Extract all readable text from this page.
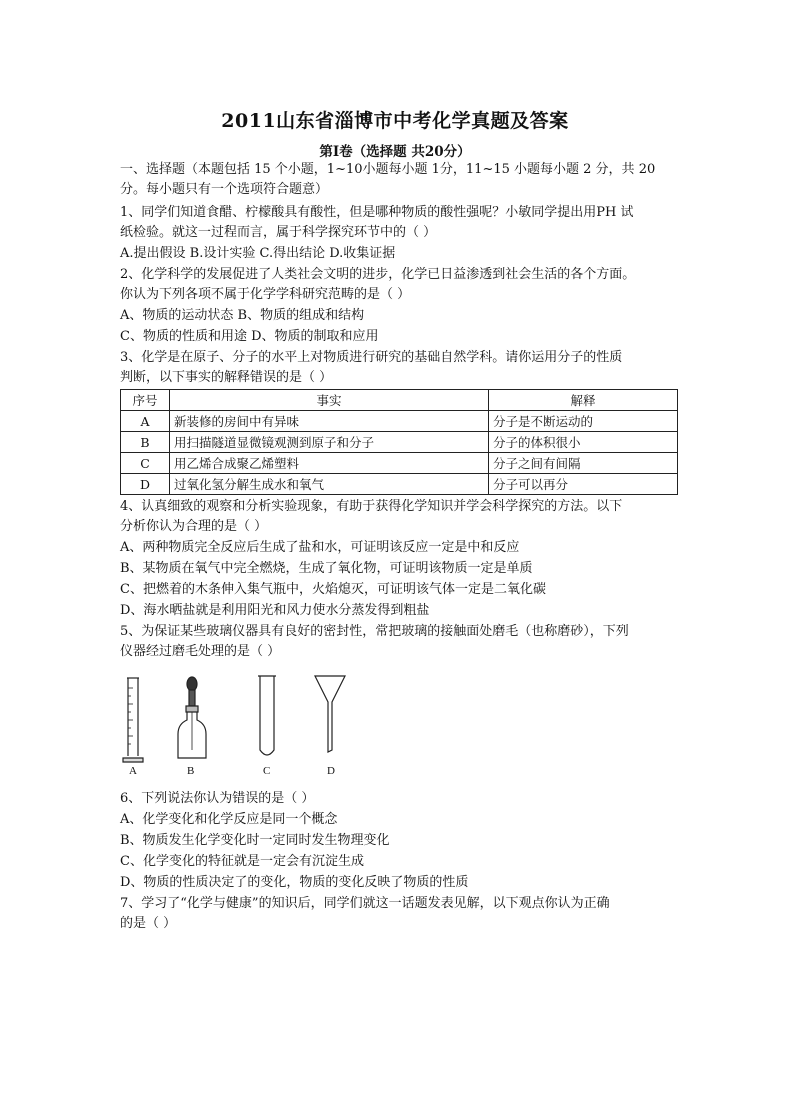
2011山东省淄博市中考化学真题及答案
第Ⅰ卷（选择题 共20分）
一、选择题（本题包括 15 个小题，1~10小题每小题 1分，11~15 小题每小题 2 分，共 20
分。每小题只有一个选项符合题意）
1、同学们知道食醋、柠檬酸具有酸性，但是哪种物质的酸性强呢？小敏同学提出用PH 试
纸检验。就这一过程而言，属于科学探究环节中的（ ）
A.提出假设 B.设计实验 C.得出结论 D.收集证据
2、化学科学的发展促进了人类社会文明的进步，化学已日益渗透到社会生活的各个方面。
你认为下列各项不属于化学学科研究范畴的是（ ）
A、物质的运动状态 B、物质的组成和结构
C、物质的性质和用途 D、物质的制取和应用
3、化学是在原子、分子的水平上对物质进行研究的基础自然学科。请你运用分子的性质
判断，以下事实的解释错误的是（ ）
序号	事实	解释
A	新装修的房间中有异味	分子是不断运动的
B	用扫描隧道显微镜观测到原子和分子	分子的体积很小
C	用乙烯合成聚乙烯塑料	分子之间有间隔
D	过氧化氢分解生成水和氧气	分子可以再分
4、认真细致的观察和分析实验现象，有助于获得化学知识并学会科学探究的方法。以下
分析你认为合理的是（ ）
A、两种物质完全反应后生成了盐和水，可证明该反应一定是中和反应
B、某物质在氧气中完全燃烧，生成了氧化物，可证明该物质一定是单质
C、把燃着的木条伸入集气瓶中，火焰熄灭，可证明该气体一定是二氧化碳
D、海水晒盐就是利用阳光和风力使水分蒸发得到粗盐
5、为保证某些玻璃仪器具有良好的密封性，常把玻璃的接触面处磨毛（也称磨砂），下列
仪器经过磨毛处理的是（ ）
A	B	C	D
6、下列说法你认为错误的是（ ）
A、化学变化和化学反应是同一个概念
B、物质发生化学变化时一定同时发生物理变化
C、化学变化的特征就是一定会有沉淀生成
D、物质的性质决定了的变化，物质的变化反映了物质的性质
7、学习了“化学与健康”的知识后，同学们就这一话题发表见解，以下观点你认为正确
的是（ ）
